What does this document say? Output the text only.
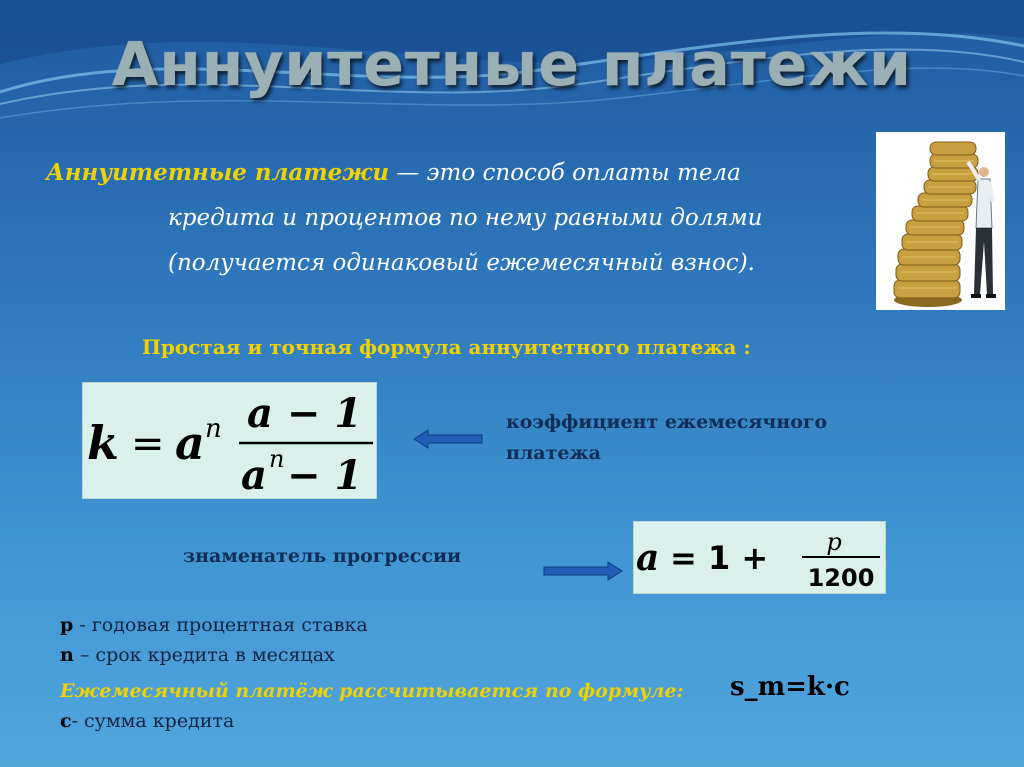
Аннуитетные платежи
Аннуитетные платежи — это способ оплаты тела
кредита и процентов по нему равными долями
(получается одинаковый ежемесячный взнос).
Простая и точная формула аннуитетного платежа :
k = a n a − 1
a n − 1
коэффициент ежемесячного
платежа
знаменатель прогрессии	a = 1 + p
1200
p - годовая процентная ставка
n – срок кредита в месяцах
Ежемесячный платёж рассчитывается по формуле:
c- сумма кредита
s_m=k·c
